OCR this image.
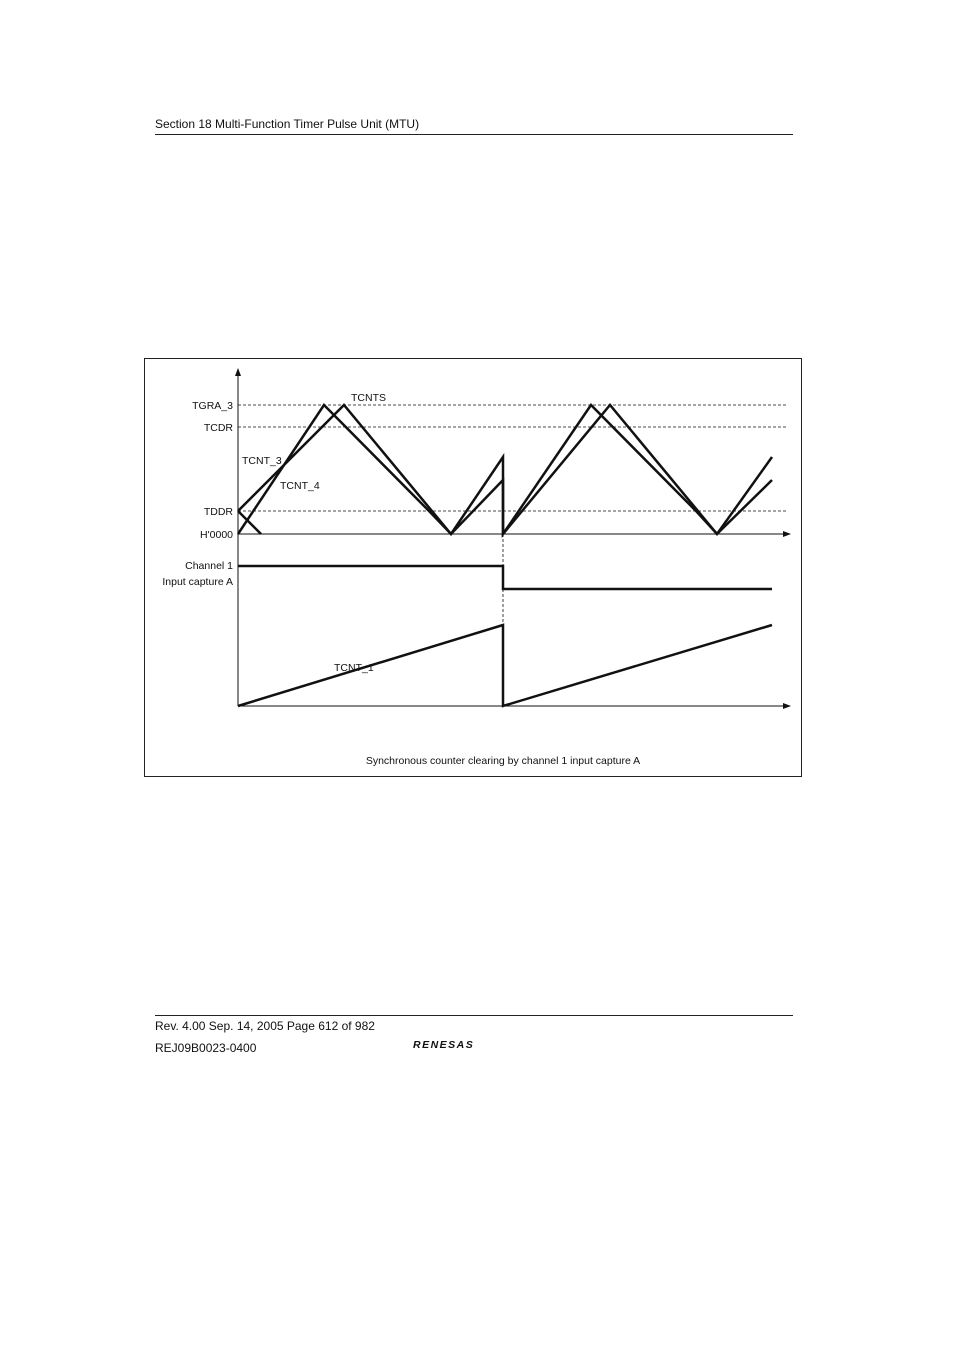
Section 18 Multi-Function Timer Pulse Unit (MTU)
TGRA_3
TCDR
TDDR
H'0000
Channel 1
Input capture A
TCNTS
TCNT_3
TCNT_4
TCNT_1
Synchronous counter clearing by channel 1 input capture A
Rev. 4.00 Sep. 14, 2005 Page 612 of 982
REJ09B0023-0400	RENESAS
